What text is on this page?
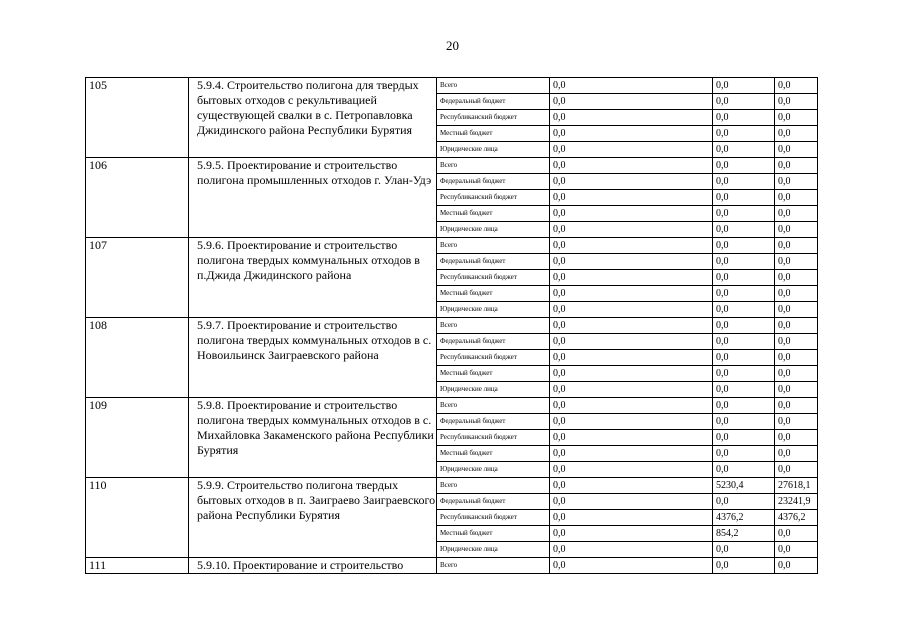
20
105	5.9.4. Строительство полигона для твердых бытовых отходов с рекультивацией существующей свалки в с. Петропавловка Джидинского района Республики Бурятия	Всего	0,0	0,0	0,0
		Федеральный бюджет	0,0	0,0	0,0
		Республиканский бюджет	0,0	0,0	0,0
		Местный бюджет	0,0	0,0	0,0
		Юридические лица	0,0	0,0	0,0
106	5.9.5. Проектирование и строительство полигона промышленных отходов г. Улан-Удэ	Всего	0,0	0,0	0,0
		Федеральный бюджет	0,0	0,0	0,0
		Республиканский бюджет	0,0	0,0	0,0
		Местный бюджет	0,0	0,0	0,0
		Юридические лица	0,0	0,0	0,0
107	5.9.6. Проектирование и строительство полигона твердых коммунальных отходов в п.Джида Джидинского района	Всего	0,0	0,0	0,0
		Федеральный бюджет	0,0	0,0	0,0
		Республиканский бюджет	0,0	0,0	0,0
		Местный бюджет	0,0	0,0	0,0
		Юридические лица	0,0	0,0	0,0
108	5.9.7. Проектирование и строительство полигона твердых коммунальных отходов в с. Новоильинск Заиграевского района	Всего	0,0	0,0	0,0
		Федеральный бюджет	0,0	0,0	0,0
		Республиканский бюджет	0,0	0,0	0,0
		Местный бюджет	0,0	0,0	0,0
		Юридические лица	0,0	0,0	0,0
109	5.9.8. Проектирование и строительство полигона твердых коммунальных отходов в с. Михайловка Закаменского района Республики Бурятия	Всего	0,0	0,0	0,0
		Федеральный бюджет	0,0	0,0	0,0
		Республиканский бюджет	0,0	0,0	0,0
		Местный бюджет	0,0	0,0	0,0
		Юридические лица	0,0	0,0	0,0
110	5.9.9. Строительство полигона твердых бытовых отходов в п. Заиграево Заиграевского района Республики Бурятия	Всего	0,0	5230,4	27618,1
		Федеральный бюджет	0,0	0,0	23241,9
		Республиканский бюджет	0,0	4376,2	4376,2
		Местный бюджет	0,0	854,2	0,0
		Юридические лица	0,0	0,0	0,0
111	5.9.10. Проектирование и строительство	Всего	0,0	0,0	0,0
